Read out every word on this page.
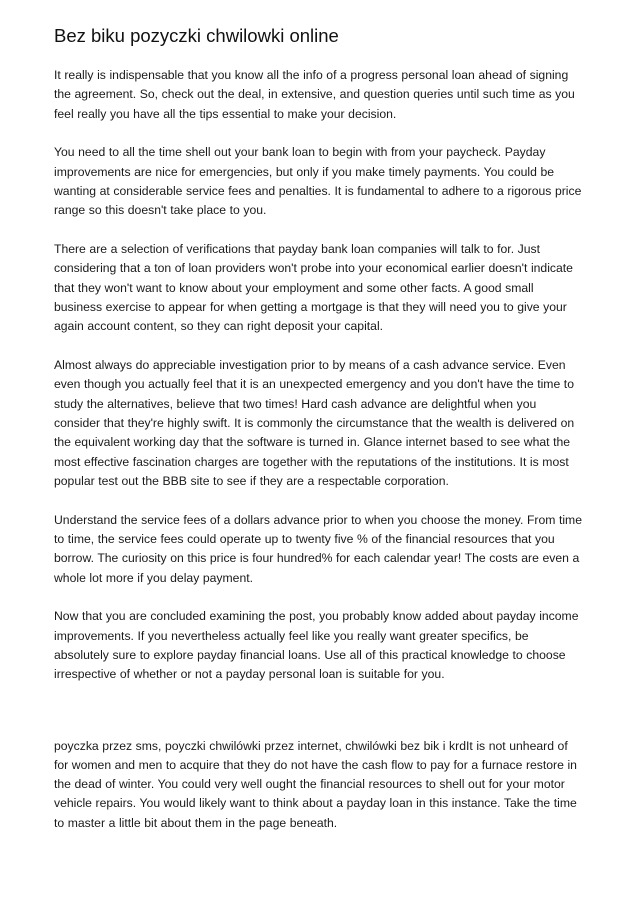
Bez biku pozyczki chwilowki online

It really is indispensable that you know all the info of a progress personal loan ahead of signing the agreement. So, check out the deal, in extensive, and question queries until such time as you feel really you have all the tips essential to make your decision.

You need to all the time shell out your bank loan to begin with from your paycheck. Payday improvements are nice for emergencies, but only if you make timely payments. You could be wanting at considerable service fees and penalties. It is fundamental to adhere to a rigorous price range so this doesn't take place to you.

There are a selection of verifications that payday bank loan companies will talk to for. Just considering that a ton of loan providers won't probe into your economical earlier doesn't indicate that they won't want to know about your employment and some other facts. A good small business exercise to appear for when getting a mortgage is that they will need you to give your again account content, so they can right deposit your capital.

Almost always do appreciable investigation prior to by means of a cash advance service. Even even though you actually feel that it is an unexpected emergency and you don't have the time to study the alternatives, believe that two times! Hard cash advance are delightful when you consider that they're highly swift. It is commonly the circumstance that the wealth is delivered on the equivalent working day that the software is turned in. Glance internet based to see what the most effective fascination charges are together with the reputations of the institutions. It is most popular test out the BBB site to see if they are a respectable corporation.

Understand the service fees of a dollars advance prior to when you choose the money. From time to time, the service fees could operate up to twenty five % of the financial resources that you borrow. The curiosity on this price is four hundred% for each calendar year! The costs are even a whole lot more if you delay payment.

Now that you are concluded examining the post, you probably know added about payday income improvements. If you nevertheless actually feel like you really want greater specifics, be absolutely sure to explore payday financial loans. Use all of this practical knowledge to choose irrespective of whether or not a payday personal loan is suitable for you.

poyczka przez sms, poyczki chwilówki przez internet, chwilówki bez bik i krdIt is not unheard of for women and men to acquire that they do not have the cash flow to pay for a furnace restore in the dead of winter. You could very well ought the financial resources to shell out for your motor vehicle repairs. You would likely want to think about a payday loan in this instance. Take the time to master a little bit about them in the page beneath.
